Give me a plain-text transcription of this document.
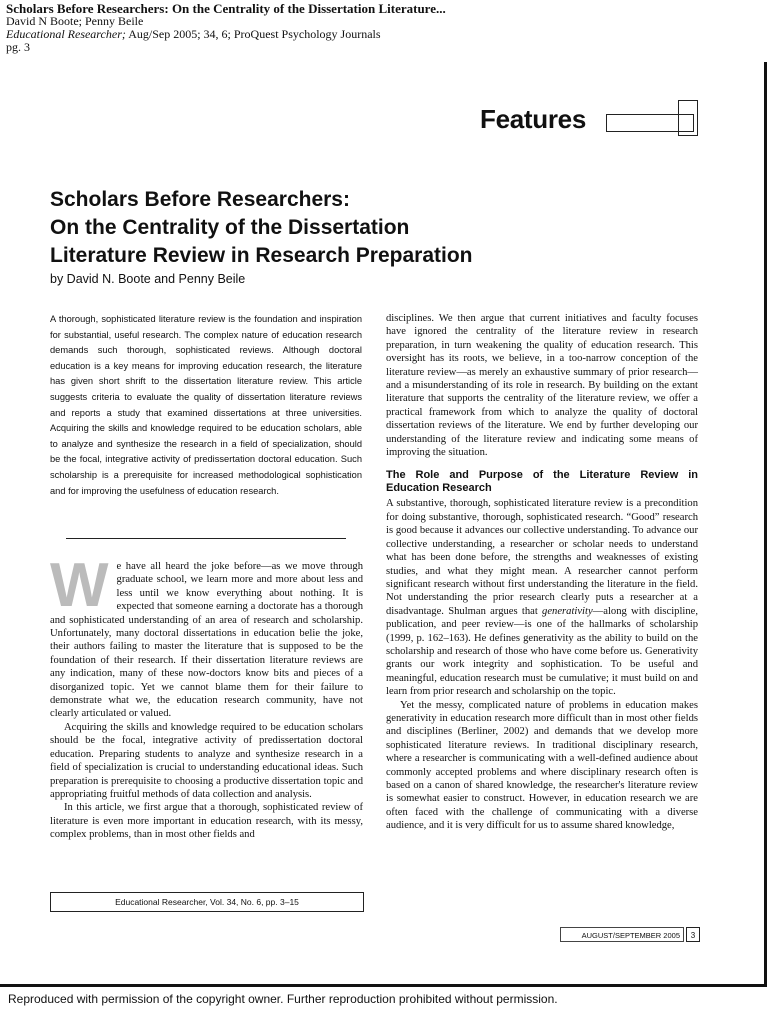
Scholars Before Researchers: On the Centrality of the Dissertation Literature...
David N Boote; Penny Beile
Educational Researcher; Aug/Sep 2005; 34, 6; ProQuest Psychology Journals
pg. 3
Features
Scholars Before Researchers:
On the Centrality of the Dissertation
Literature Review in Research Preparation
by David N. Boote and Penny Beile
A thorough, sophisticated literature review is the foundation and inspiration for substantial, useful research. The complex nature of education research demands such thorough, sophisticated reviews. Although doctoral education is a key means for improving education research, the literature has given short shrift to the dissertation literature review. This article suggests criteria to evaluate the quality of dissertation literature reviews and reports a study that examined dissertations at three universities. Acquiring the skills and knowledge required to be education scholars, able to analyze and synthesize the research in a field of specialization, should be the focal, integrative activity of predissertation doctoral education. Such scholarship is a prerequisite for increased methodological sophistication and for improving the usefulness of education research.

We have all heard the joke before—as we move through graduate school, we learn more and more about less and less until we know everything about nothing. It is expected that someone earning a doctorate has a thorough and sophisticated understanding of an area of research and scholarship. Unfortunately, many doctoral dissertations in education belie the joke, their authors failing to master the literature that is supposed to be the foundation of their research. If their dissertation literature reviews are any indication, many of these now-doctors know bits and pieces of a disorganized topic. Yet we cannot blame them for their failure to demonstrate what we, the education research community, have not clearly articulated or valued.

Acquiring the skills and knowledge required to be education scholars should be the focal, integrative activity of predissertation doctoral education. Preparing students to analyze and synthesize research in a field of specialization is crucial to understanding educational ideas. Such preparation is prerequisite to choosing a productive dissertation topic and appropriating fruitful methods of data collection and analysis.

In this article, we first argue that a thorough, sophisticated review of literature is even more important in education research, with its messy, complex problems, than in most other fields and

Educational Researcher, Vol. 34, No. 6, pp. 3–15

disciplines. We then argue that current initiatives and faculty focuses have ignored the centrality of the literature review in research preparation, in turn weakening the quality of education research. This oversight has its roots, we believe, in a too-narrow conception of the literature review—as merely an exhaustive summary of prior research—and a misunderstanding of its role in research. By building on the extant literature that supports the centrality of the literature review, we offer a practical framework from which to analyze the quality of doctoral dissertation reviews of the literature. We end by further developing our understanding of the literature review and indicating some means of improving the situation.

The Role and Purpose of the Literature Review in Education Research

A substantive, thorough, sophisticated literature review is a precondition for doing substantive, thorough, sophisticated research. “Good” research is good because it advances our collective understanding. To advance our collective understanding, a researcher or scholar needs to understand what has been done before, the strengths and weaknesses of existing studies, and what they might mean. A researcher cannot perform significant research without first understanding the literature in the field. Not understanding the prior research clearly puts a researcher at a disadvantage. Shulman argues that generativity—along with discipline, publication, and peer review—is one of the hallmarks of scholarship (1999, p. 162–163). He defines generativity as the ability to build on the scholarship and research of those who have come before us. Generativity grants our work integrity and sophistication. To be useful and meaningful, education research must be cumulative; it must build on and learn from prior research and scholarship on the topic.

Yet the messy, complicated nature of problems in education makes generativity in education research more difficult than in most other fields and disciplines (Berliner, 2002) and demands that we develop more sophisticated literature reviews. In traditional disciplinary research, where a researcher is communicating with a well-defined audience about commonly accepted problems and where disciplinary research often is based on a canon of shared knowledge, the researcher's literature review is somewhat easier to construct. However, in education research we are often faced with the challenge of communicating with a diverse audience, and it is very difficult for us to assume shared knowledge,

AUGUST/SEPTEMBER 2005	3
Reproduced with permission of the copyright owner. Further reproduction prohibited without permission.
